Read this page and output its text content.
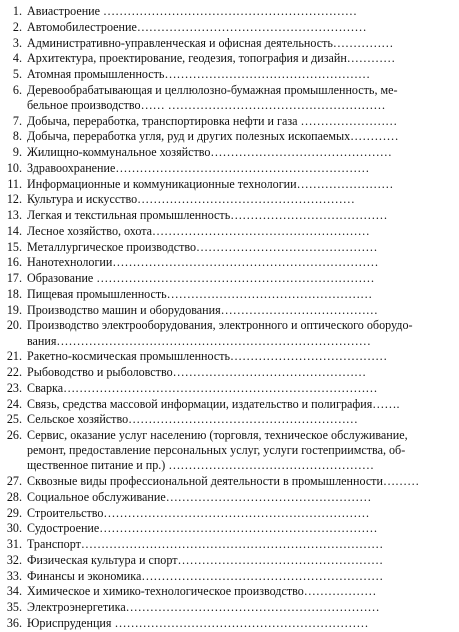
1. Авиастроение ………………………………………………………
2. Автомобилестроение…………………………………………………
3. Административно-управленческая и офисная деятельность……………
4. Архитектура, проектирование, геодезия, топография и дизайн…………
5. Атомная промышленность……………………………………………
6. Деревообрабатывающая и целлюлозно-бумажная промышленность, ме-
бельное производство…… ………………………………………………
7. Добыча, переработка, транспортировка нефти и газа ……………………
8. Добыча, переработка угля, руд и других полезных ископаемых…………
9. Жилищно-коммунальное хозяйство………………………………………
10. Здравоохранение………………………………………………………
11. Информационные и коммуникационные технологии……………………
12. Культура и искусство………………………………………………
13. Легкая и текстильная промышленность…………………………………
14. Лесное хозяйство, охота………………………………………………
15. Металлургическое производство………………………………………
16. Нанотехнологии…………………………………………………………
17. Образование ……………………………………………………………
18. Пищевая промышленность……………………………………………
19. Производство машин и оборудования…………………………………
20. Производство электрооборудования, электронного и оптического оборудо-
вания……………………………………………………………………
21. Ракетно-космическая промышленность…………………………………
22. Рыбоводство и рыболовство…………………………………………
23. Сварка……………………………………………………………………
24. Связь, средства массовой информации, издательство и полиграфия…….
25. Сельское хозяйство…………………………………………………
26. Сервис, оказание услуг населению (торговля, техническое обслуживание,
ремонт, предоставление персональных услуг, услуги гостеприимства, об-
щественное питание и пр.) ……………………………………………
27. Сквозные виды профессиональной деятельности в промышленности………
28. Социальное обслуживание……………………………………………
29. Строительство…………………………………………………………
30. Судостроение……………………………………………………………
31. Транспорт…………………………………………………………………
32. Физическая культура и спорт……………………………………………
33. Финансы и экономика……………………………………………………
34. Химическое и химико-технологическое производство………………
35. Электроэнергетика………………………………………………………
36. Юриспруденция ………………………………………………………
